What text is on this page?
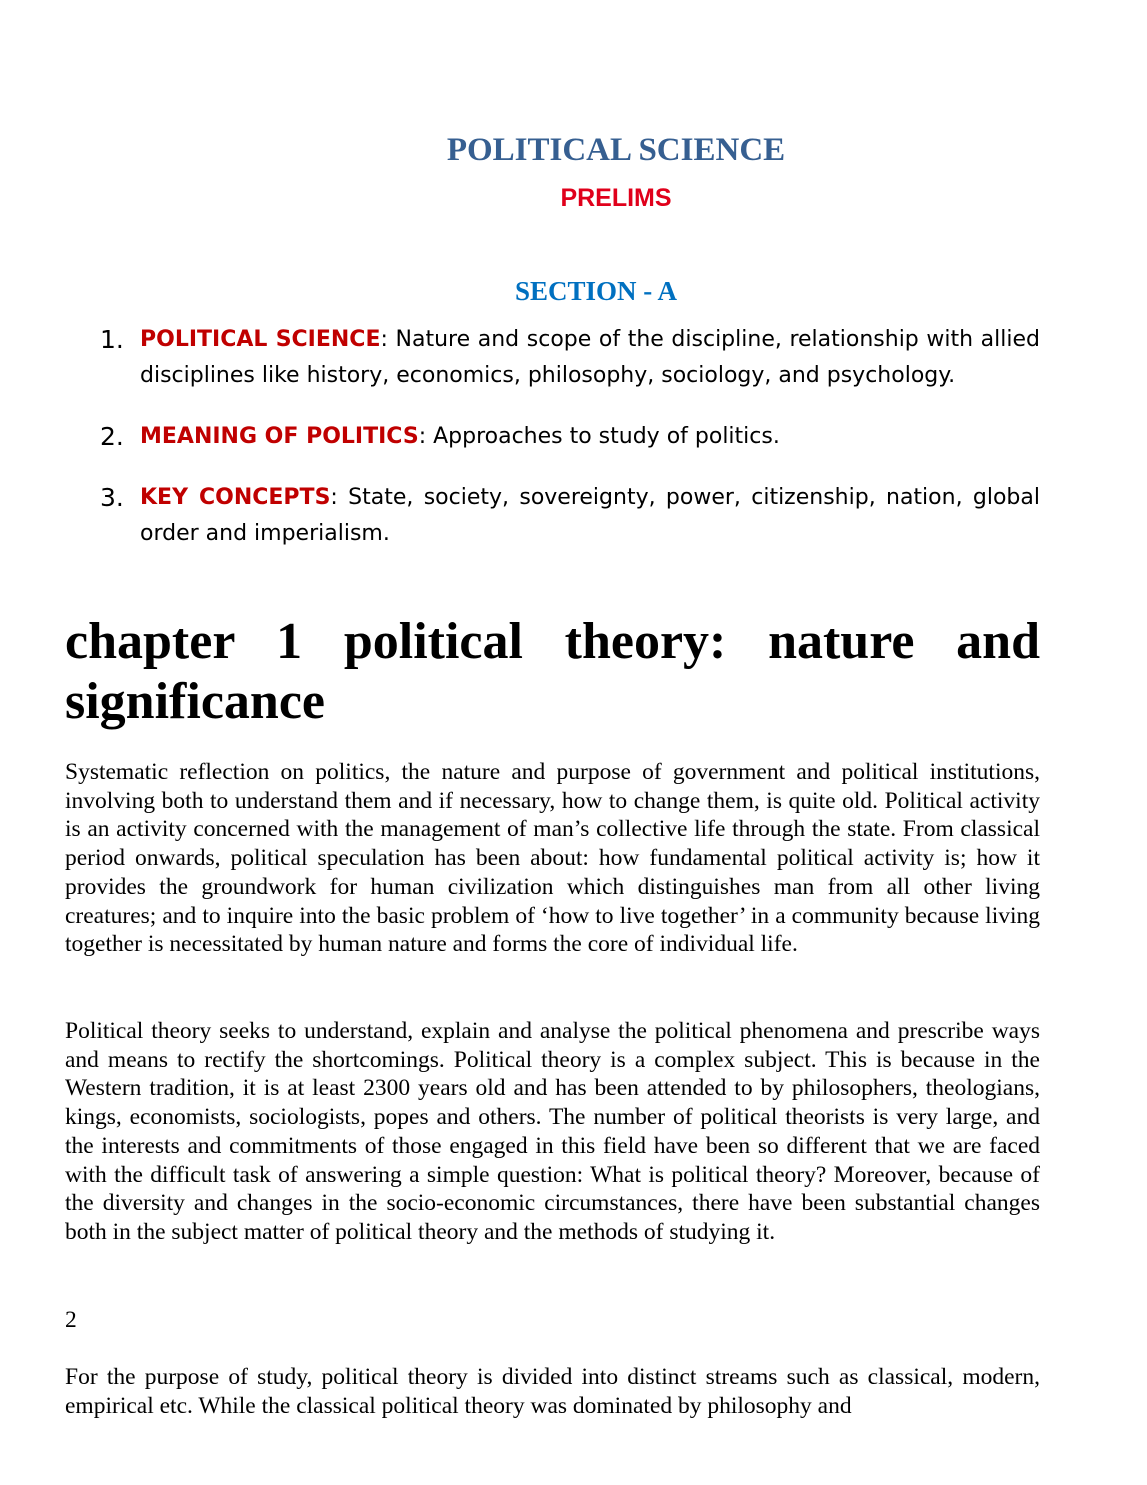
POLITICAL SCIENCE
PRELIMS
SECTION - A
1. POLITICAL SCIENCE: Nature and scope of the discipline, relationship with allied disciplines like history, economics, philosophy, sociology, and psychology.
2. MEANING OF POLITICS: Approaches to study of politics.
3. KEY CONCEPTS: State, society, sovereignty, power, citizenship, nation, global order and imperialism.
chapter 1 political theory: nature and significance

Systematic reflection on politics, the nature and purpose of government and political institutions, involving both to understand them and if necessary, how to change them, is quite old. Political activity is an activity concerned with the management of man’s collective life through the state. From classical period onwards, political speculation has been about: how fundamental political activity is; how it provides the groundwork for human civilization which distinguishes man from all other living creatures; and to inquire into the basic problem of ‘how to live together’ in a community because living together is necessitated by human nature and forms the core of individual life.

Political theory seeks to understand, explain and analyse the political phenomena and prescribe ways and means to rectify the shortcomings. Political theory is a complex subject. This is because in the Western tradition, it is at least 2300 years old and has been attended to by philosophers, theologians, kings, economists, sociologists, popes and others. The number of political theorists is very large, and the interests and commitments of those engaged in this field have been so different that we are faced with the difficult task of answering a simple question: What is political theory? Moreover, because of the diversity and changes in the socio-economic circumstances, there have been substantial changes both in the subject matter of political theory and the methods of studying it.

2

For the purpose of study, political theory is divided into distinct streams such as classical, modern, empirical etc. While the classical political theory was dominated by philosophy and
